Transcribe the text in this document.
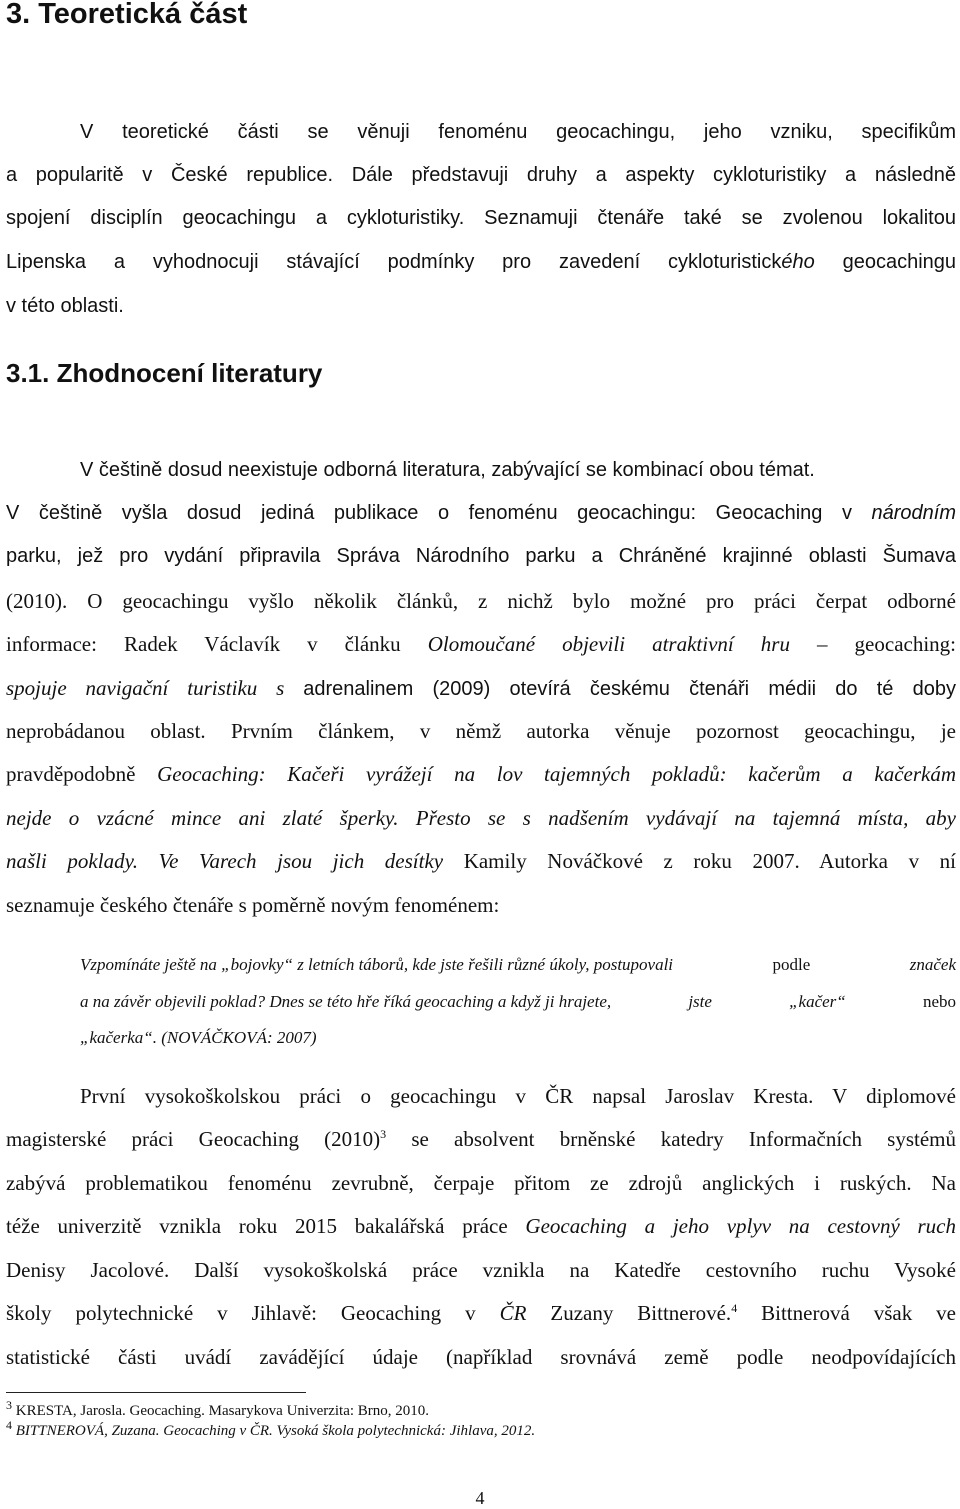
3. Teoretická část
V teoretické části se věnuji fenoménu geocachingu, jeho vzniku, specifikům
a popularitě v České republice. Dále představuji druhy a aspekty cykloturistiky a následně
spojení disciplín geocachingu a cykloturistiky. Seznamuji čtenáře také se zvolenou lokalitou
Lipenska a vyhodnocuji stávající podmínky pro zavedení cykloturistického geocachingu
v této oblasti.
3.1. Zhodnocení literatury
V češtině dosud neexistuje odborná literatura, zabývající se kombinací obou témat.
V češtině vyšla dosud jediná publikace o fenoménu geocachingu: Geocaching v národním
parku, jež pro vydání připravila Správa Národního parku a Chráněné krajinné oblasti Šumava
(2010). O geocachingu vyšlo několik článků, z nichž bylo možné pro práci čerpat odborné
informace: Radek Václavík v článku Olomoučané objevili atraktivní hru – geocaching:
spojuje navigační turistiku s adrenalinem (2009) otevírá českému čtenáři médii do té doby
neprobádanou oblast. Prvním článkem, v němž autorka věnuje pozornost geocachingu, je
pravděpodobně Geocaching: Kačeři vyrážejí na lov tajemných pokladů: kačerům a kačerkám
nejde o vzácné mince ani zlaté šperky. Přesto se s nadšením vydávají na tajemná místa, aby
našli poklady. Ve Varech jsou jich desítky Kamily Nováčkové z roku 2007. Autorka v ní
seznamuje českého čtenáře s poměrně novým fenoménem:
Vzpomínáte ještě na „bojovky“ z letních táborů, kde jste řešili různé úkoly, postupovali	podle	značek
a na závěr objevili poklad? Dnes se této hře říká geocaching a když ji hrajete,	jste	„kačer“	nebo
„kačerka“. (NOVÁČKOVÁ: 2007)
První vysokoškolskou práci o geocachingu v ČR napsal Jaroslav Kresta. V diplomové
magisterské práci Geocaching $(2010)^3$ se absolvent brněnské katedry Informačních systémů
zabývá problematikou fenoménu zevrubně, čerpaje přitom ze zdrojů anglických i ruských. Na
téže univerzitě vznikla roku 2015 bakalářská práce Geocaching a jeho vplyv na cestovný ruch
Denisy Jacolové. Další vysokoškolská práce vznikla na Katedře cestovního ruchu Vysoké
školy polytechnické v Jihlavě: Geocaching v ČR Zuzany Bittnerové.$^4$ Bittnerová však ve
statistické části uvádí zavádějící údaje (například srovnává země podle neodpovídajících
$^3$ KRESTA, Jarosla. Geocaching. Masarykova Univerzita: Brno, 2010.
$^4$ BITTNEROVÁ, Zuzana. Geocaching v ČR. Vysoká škola polytechnická: Jihlava, 2012.
4
